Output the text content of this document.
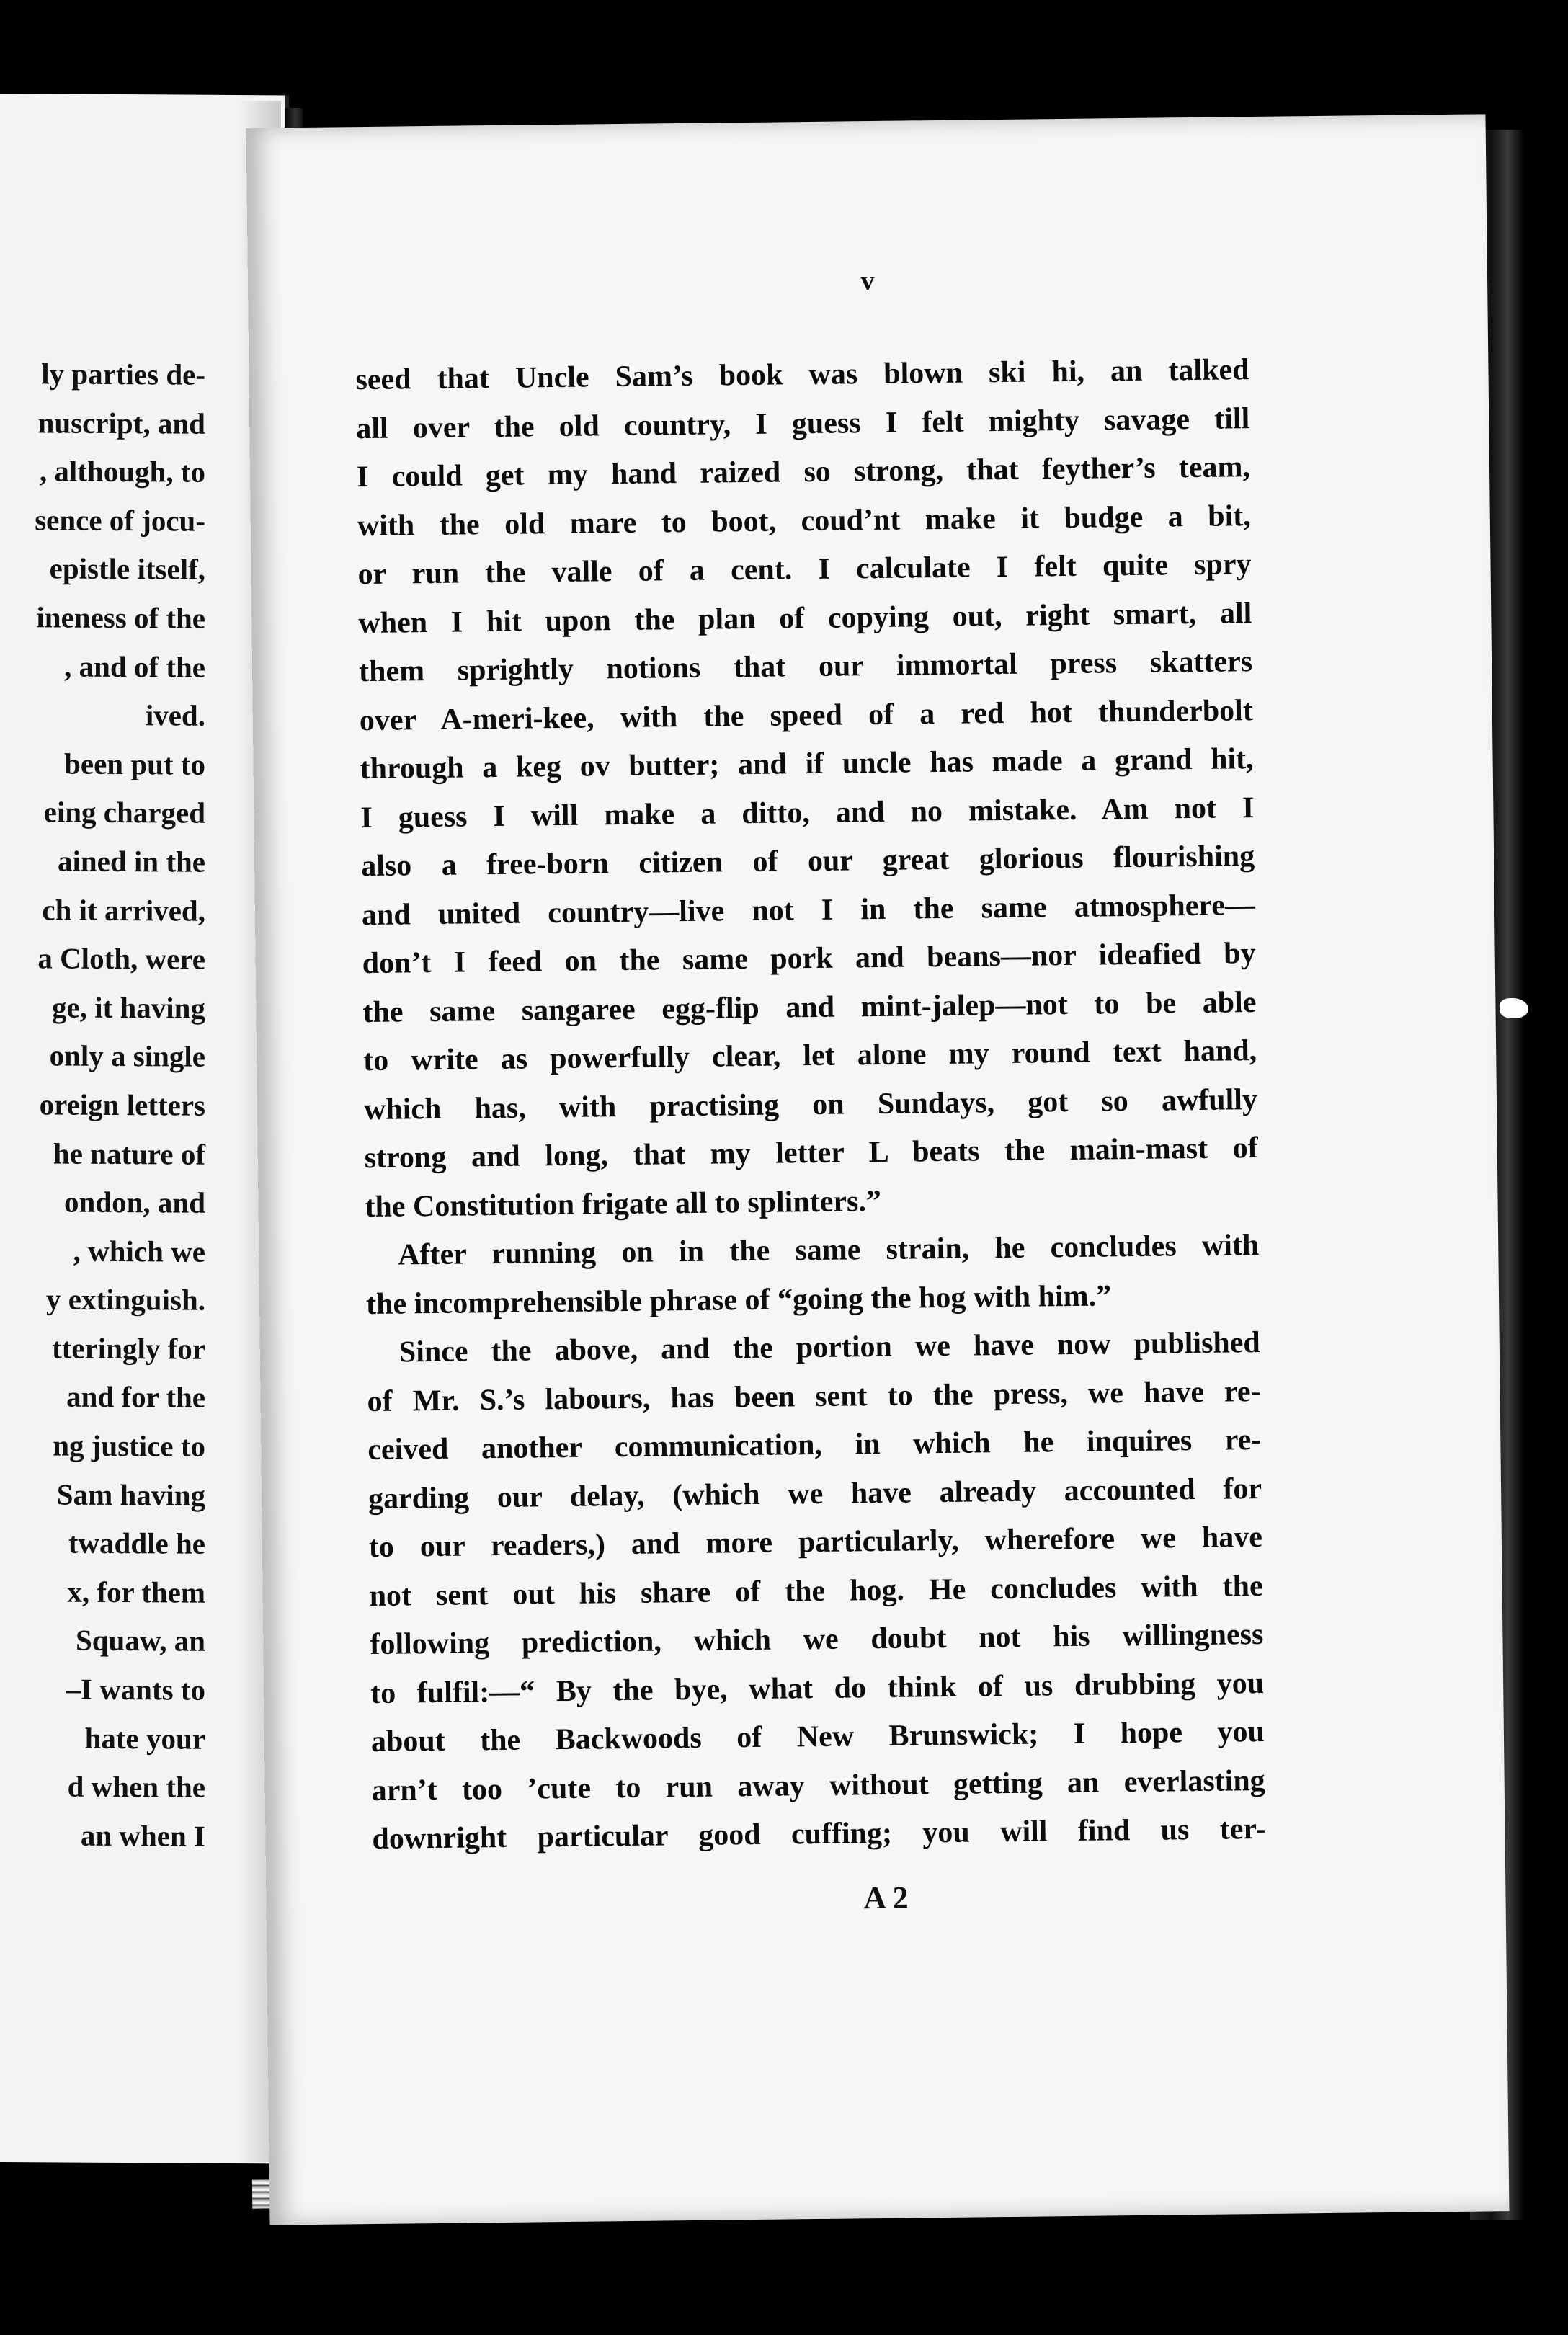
ly parties de-
nuscript, and
, although, to
sence of jocu-
epistle itself,
ineness of the
, and of the
ived.
been put to
eing charged
ained in the
ch it arrived,
a Cloth, were
ge, it having
only a single
oreign letters
he nature of
ondon, and
, which we
y extinguish.
tteringly for
and for the
ng justice to
Sam having
twaddle he
x, for them
Squaw, an
–I wants to
hate your
d when the
an when I
v
seed that Uncle Sam’s book was blown ski hi, an talked
all over the old country, I guess I felt mighty savage till
I could get my hand raized so strong, that feyther’s team,
with the old mare to boot, coud’nt make it budge a bit,
or run the valle of a cent. I calculate I felt quite spry
when I hit upon the plan of copying out, right smart, all
them sprightly notions that our immortal press skatters
over A-meri-kee, with the speed of a red hot thunderbolt
through a keg ov butter; and if uncle has made a grand hit,
I guess I will make a ditto, and no mistake. Am not I
also a free-born citizen of our great glorious flourishing
and united country—live not I in the same atmosphere—
don’t I feed on the same pork and beans—nor ideafied by
the same sangaree egg-flip and mint-jalep—not to be able
to write as powerfully clear, let alone my round text hand,
which has, with practising on Sundays, got so awfully
strong and long, that my letter L beats the main-mast of
the Constitution frigate all to splinters.”
After running on in the same strain, he concludes with
the incomprehensible phrase of “going the hog with him.”
Since the above, and the portion we have now published
of Mr. S.’s labours, has been sent to the press, we have re-
ceived another communication, in which he inquires re-
garding our delay, (which we have already accounted for
to our readers,) and more particularly, wherefore we have
not sent out his share of the hog. He concludes with the
following prediction, which we doubt not his willingness
to fulfil:—“ By the bye, what do think of us drubbing you
about the Backwoods of New Brunswick; I hope you
arn’t too ’cute to run away without getting an everlasting
downright particular good cuffing; you will find us ter-
A 2
